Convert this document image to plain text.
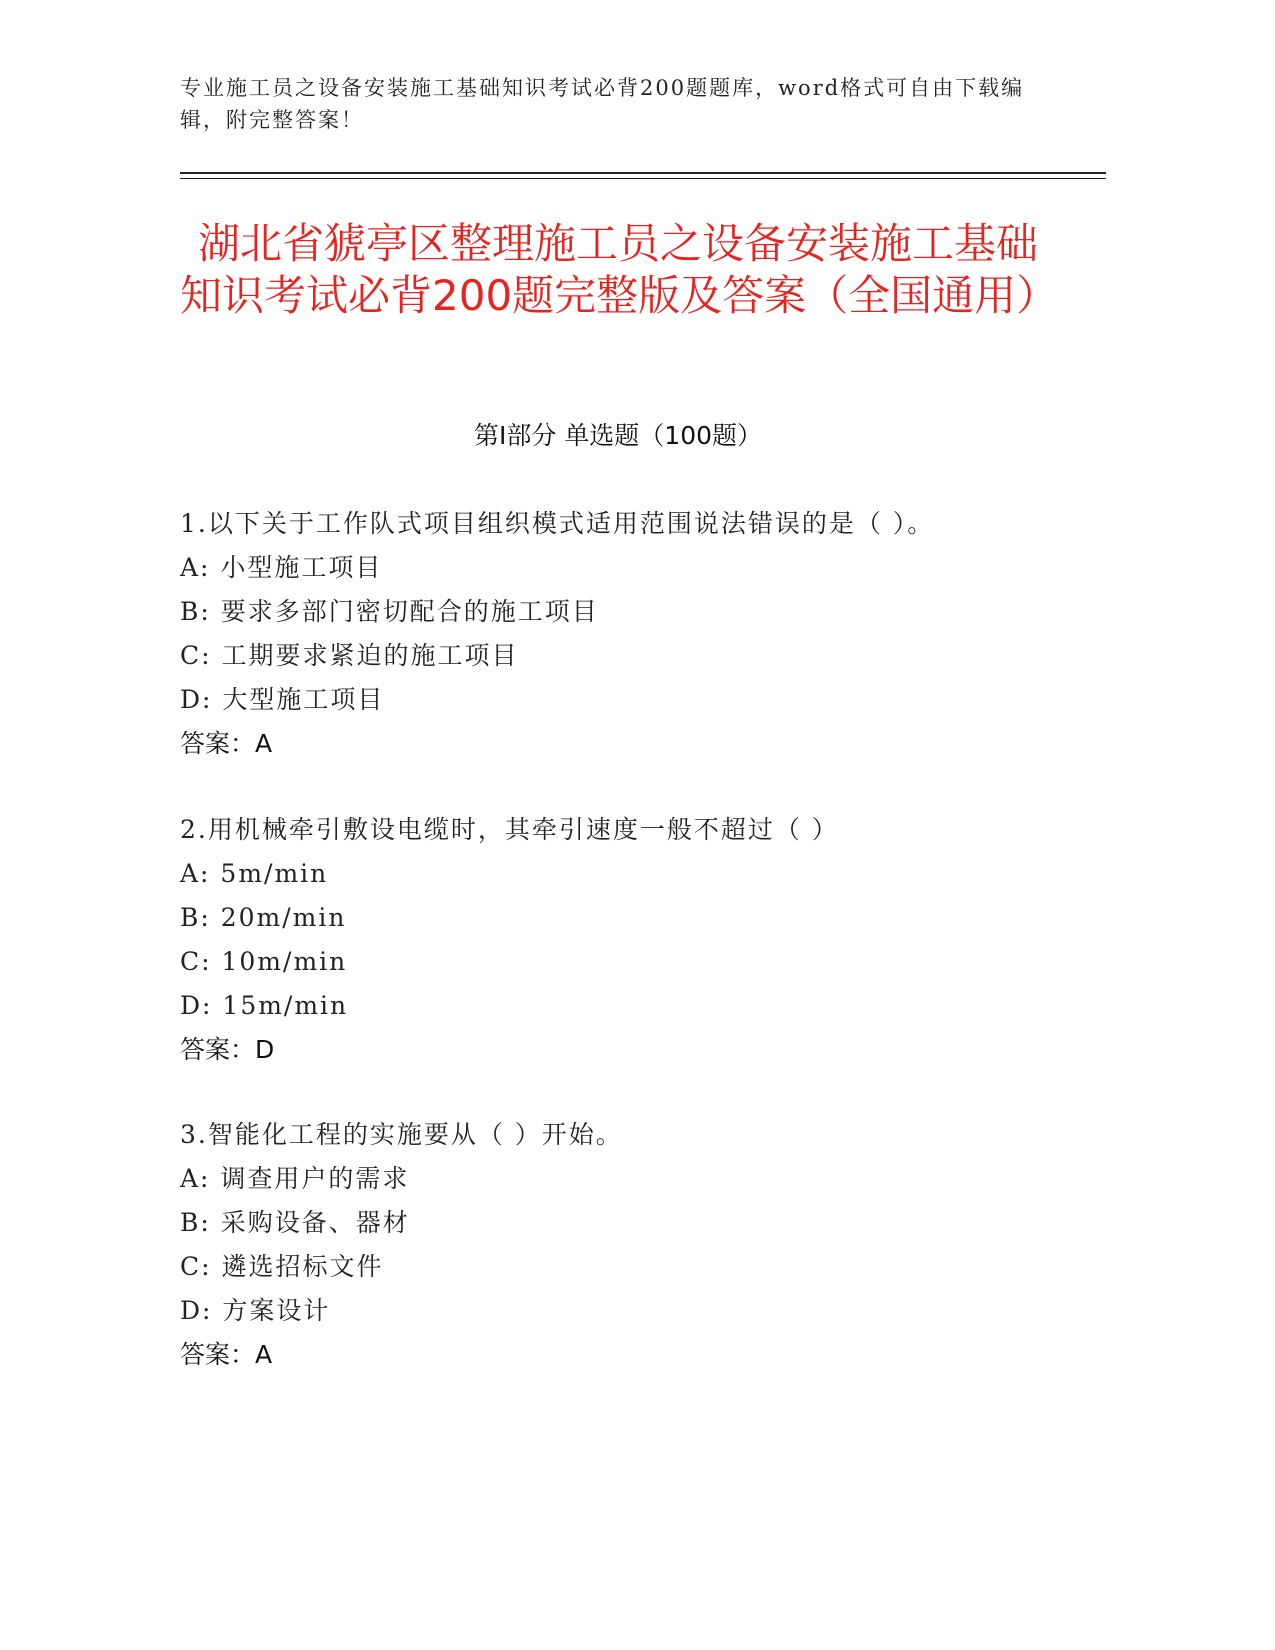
专业施工员之设备安装施工基础知识考试必背200题题库，word格式可自由下载编辑，附完整答案！
湖北省猇亭区整理施工员之设备安装施工基础知识考试必背200题完整版及答案（全国通用）
第Ⅰ部分 单选题（100题）
1.以下关于工作队式项目组织模式适用范围说法错误的是（ ）。
A: 小型施工项目
B: 要求多部门密切配合的施工项目
C: 工期要求紧迫的施工项目
D: 大型施工项目
答案：A
2.用机械牵引敷设电缆时，其牵引速度一般不超过（ ）
A: 5m/min
B: 20m/min
C: 10m/min
D: 15m/min
答案：D
3.智能化工程的实施要从（ ）开始。
A: 调查用户的需求
B: 采购设备、器材
C: 遴选招标文件
D: 方案设计
答案：A
